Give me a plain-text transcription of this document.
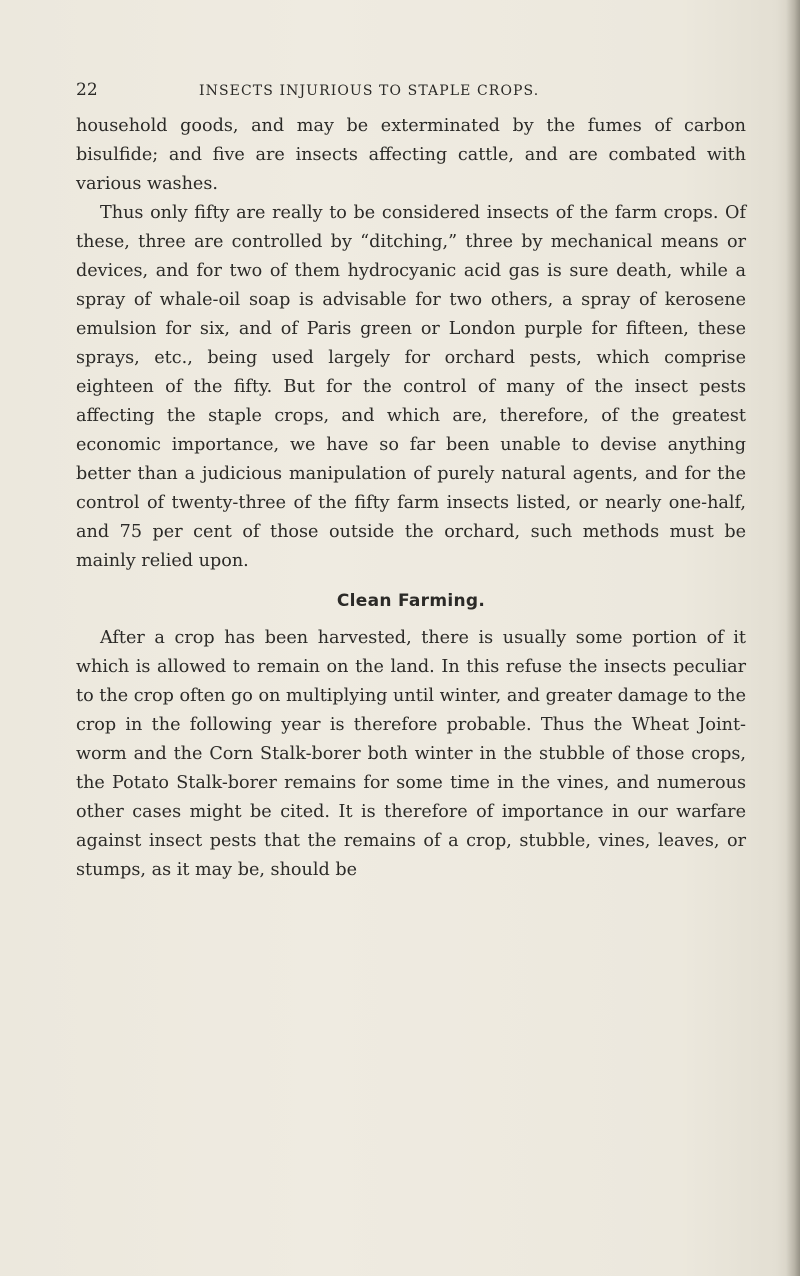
22	INSECTS INJURIOUS TO STAPLE CROPS.

household goods, and may be exterminated by the fumes of carbon bisulfide; and five are insects affecting cattle, and are combated with various washes.

Thus only fifty are really to be considered insects of the farm crops. Of these, three are controlled by “ditching,” three by mechanical means or devices, and for two of them hydrocyanic acid gas is sure death, while a spray of whale-oil soap is advisable for two others, a spray of kerosene emulsion for six, and of Paris green or London purple for fifteen, these sprays, etc., being used largely for orchard pests, which comprise eighteen of the fifty. But for the control of many of the insect pests affecting the staple crops, and which are, therefore, of the greatest economic importance, we have so far been unable to devise anything better than a judicious manipulation of purely natural agents, and for the control of twenty-three of the fifty farm insects listed, or nearly one-half, and 75 per cent of those outside the orchard, such methods must be mainly relied upon.

Clean Farming.

After a crop has been harvested, there is usually some portion of it which is allowed to remain on the land. In this refuse the insects peculiar to the crop often go on multiplying until winter, and greater damage to the crop in the following year is therefore probable. Thus the Wheat Joint-worm and the Corn Stalk-borer both winter in the stubble of those crops, the Potato Stalk-borer remains for some time in the vines, and numerous other cases might be cited. It is therefore of importance in our warfare against insect pests that the remains of a crop, stubble, vines, leaves, or stumps, as it may be, should be
